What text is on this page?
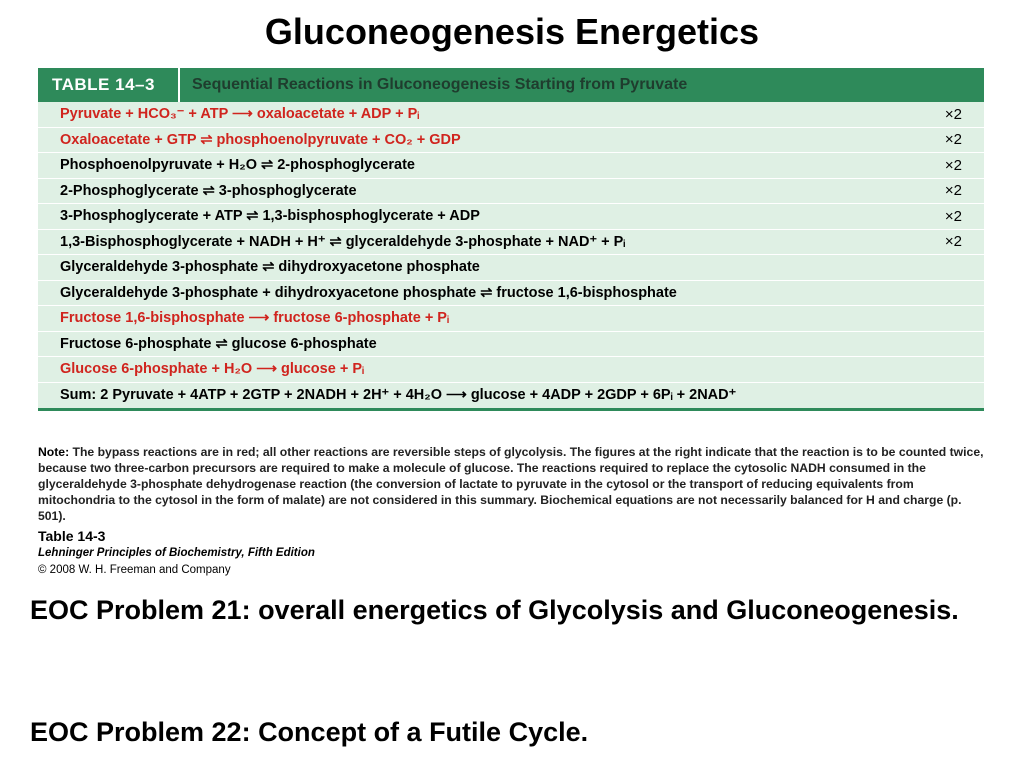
Gluconeogenesis Energetics
TABLE 14–3	Sequential Reactions in Gluconeogenesis Starting from Pyruvate
Pyruvate + HCO₃⁻ + ATP ⟶ oxaloacetate + ADP + Pᵢ	×2
Oxaloacetate + GTP ⇌ phosphoenolpyruvate + CO₂ + GDP	×2
Phosphoenolpyruvate + H₂O ⇌ 2-phosphoglycerate	×2
2-Phosphoglycerate ⇌ 3-phosphoglycerate	×2
3-Phosphoglycerate + ATP ⇌ 1,3-bisphosphoglycerate + ADP	×2
1,3-Bisphosphoglycerate + NADH + H⁺ ⇌ glyceraldehyde 3-phosphate + NAD⁺ + Pᵢ	×2
Glyceraldehyde 3-phosphate ⇌ dihydroxyacetone phosphate
Glyceraldehyde 3-phosphate + dihydroxyacetone phosphate ⇌ fructose 1,6-bisphosphate
Fructose 1,6-bisphosphate ⟶ fructose 6-phosphate + Pᵢ
Fructose 6-phosphate ⇌ glucose 6-phosphate
Glucose 6-phosphate + H₂O ⟶ glucose + Pᵢ
Sum: 2 Pyruvate + 4ATP + 2GTP + 2NADH + 2H⁺ + 4H₂O ⟶ glucose + 4ADP + 2GDP + 6Pᵢ + 2NAD⁺
Note: The bypass reactions are in red; all other reactions are reversible steps of glycolysis. The figures at the right indicate that the reaction is to be counted twice, because two three-carbon precursors are required to make a molecule of glucose. The reactions required to replace the cytosolic NADH consumed in the glyceraldehyde 3-phosphate dehydrogenase reaction (the conversion of lactate to pyruvate in the cytosol or the transport of reducing equivalents from mitochondria to the cytosol in the form of malate) are not considered in this summary. Biochemical equations are not necessarily balanced for H and charge (p. 501).
Table 14-3
Lehninger Principles of Biochemistry, Fifth Edition
© 2008 W. H. Freeman and Company
EOC Problem 21: overall energetics of Glycolysis and Gluconeogenesis.
EOC Problem 22: Concept of a Futile Cycle.
